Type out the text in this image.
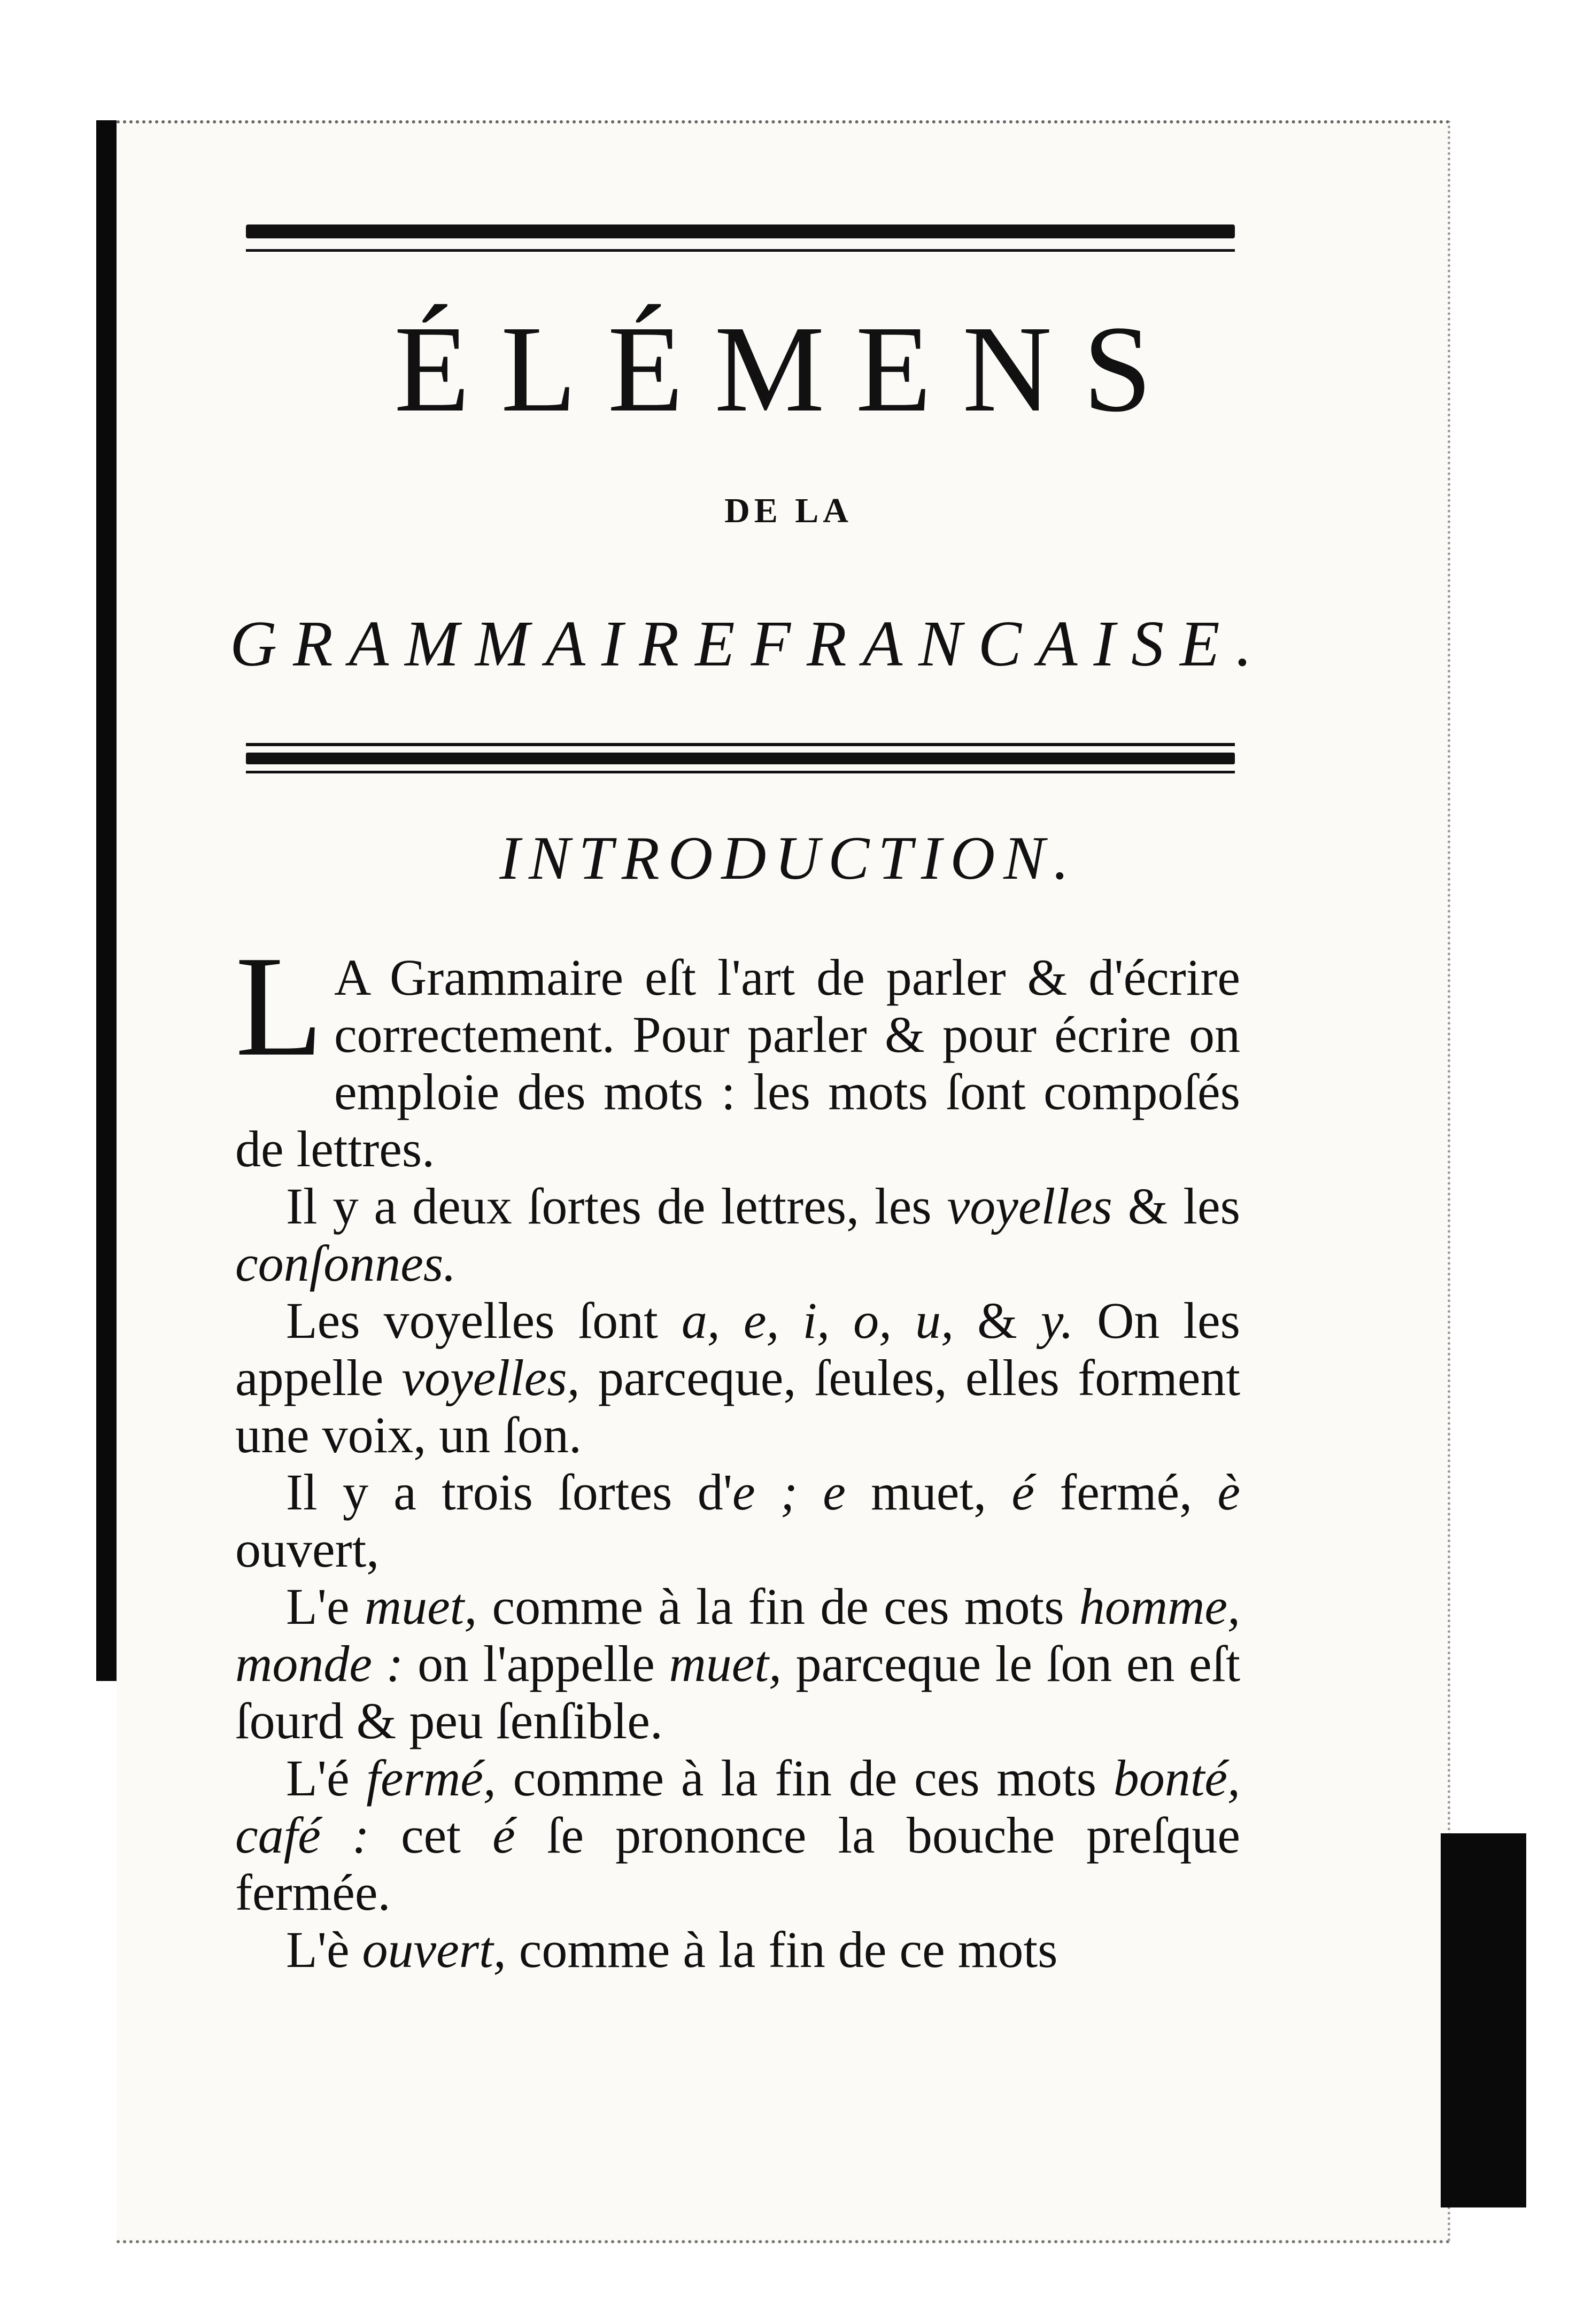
ÉLÉMENS
DE LA
GRAMMAIRE FRANCAISE.
INTRODUCTION.

L A Grammaire eſt l'art de parler & d'écrire correctement. Pour parler & pour écrire on emploie des mots : les mots ſont compoſés de lettres.

Il y a deux ſortes de lettres, les voyelles & les conſonnes.

Les voyelles ſont a, e, i, o, u, & y. On les appelle voyelles, parceque, ſeules, elles forment une voix, un ſon.

Il y a trois ſortes d'e ; e muet, é fermé, è ouvert,

L'e muet, comme à la fin de ces mots homme, monde : on l'appelle muet, parceque le ſon en eſt ſourd & peu ſenſible.

L'é fermé, comme à la fin de ces mots bonté, café : cet é ſe prononce la bouche preſque fermée.

L'è ouvert, comme à la fin de ce mots
